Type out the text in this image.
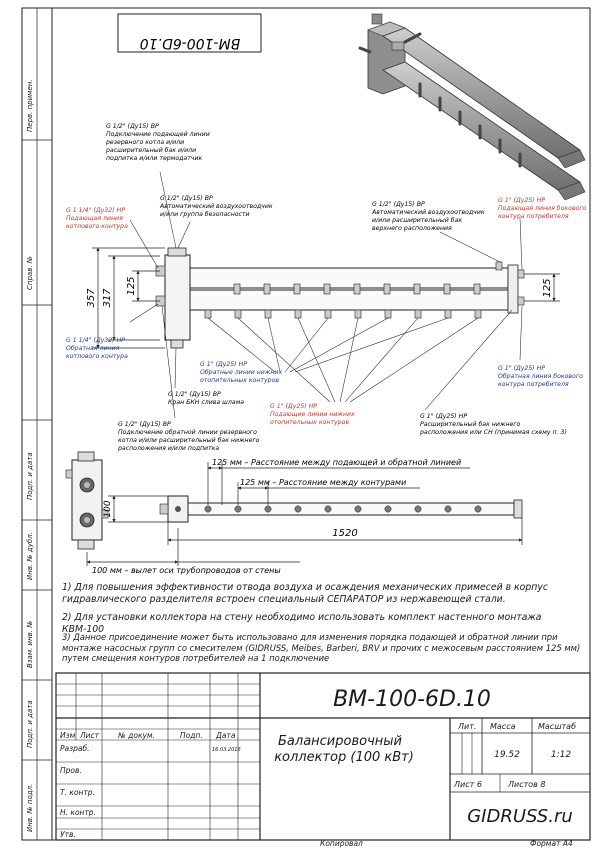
ВМ-100-6D.10
357 317
125	125
G 1/2" (Ду15) ВР
Подключение подающей линии
резервного котла и/или
расширительный бак и/или
подпитка и/или термодатчик
G 1/2" (Ду15) ВР
Автоматический воздухоотводчик
и/или группа безопасности
G 1/2" (Ду15) ВР
Автоматический воздухоотводчик
и/или расширительный бак
верхнего расположения
G 1 1/4" (Ду32) НР
Подающая линия
котлового контура
G 1 1/4" (Ду32) НР
Обратная линия
котлового контура
G 1" (Ду25) НР
Подающая линия бокового
контура потребителя
G 1" (Ду25) НР
Обратная линия бокового
контура потребителя
G 1" (Ду25) НР
Обратные линии нижних
отопительных контуров
G 1" (Ду25) НР
Подающие линии нижних
отопительных контуров
G 1/2" (Ду15) ВР
Кран БКН слива шлама
G 1/2" (Ду15) ВР
Подключение обратной линии резервного
котла и/или расширительный бак нижнего
расположения и/или подпитка
G 1" (Ду25) НР
Расширительный бак нижнего
расположения или СН (принимая схему п. 3)
125 мм – Расстояние между подающей и обратной линией
125 мм – Расстояние между контурами
1520
100
100 мм – вылет оси трубопроводов от стены
ВМ-100-6D.10
Балансировочный
коллектор (100 кВт)
Изм Лист	№ докум.	Подп. Дата
Разраб.	16.03.2016
Пров.
Т. контр.
Н. контр.
Утв.
Лит. Масса	Масштаб
19.52	1:12
Лист 6	Листов 8
GIDRUSS.ru
Копировал	Формат А4
Перв. примен.
Справ. №
Подп. и дата
Инв. № дубл.
Взам. инв. №
Подп. и дата
Инв. № подл.
1) Для повышения эффективности отвода воздуха и осаждения механических примесей в корпус гидравлического разделителя встроен специальный СЕПАРАТОР из нержавеющей стали.
2) Для установки коллектора на стену необходимо использовать комплект настенного монтажа КВМ-100
3) Данное присоединение может быть использовано для изменения порядка подающей и обратной линии при монтаже насосных групп со смесителем (GIDRUSS, Meibes, Barberi, BRV и прочих с межосевым расстоянием 125 мм) путем смещения контуров потребителей на 1 подключение
